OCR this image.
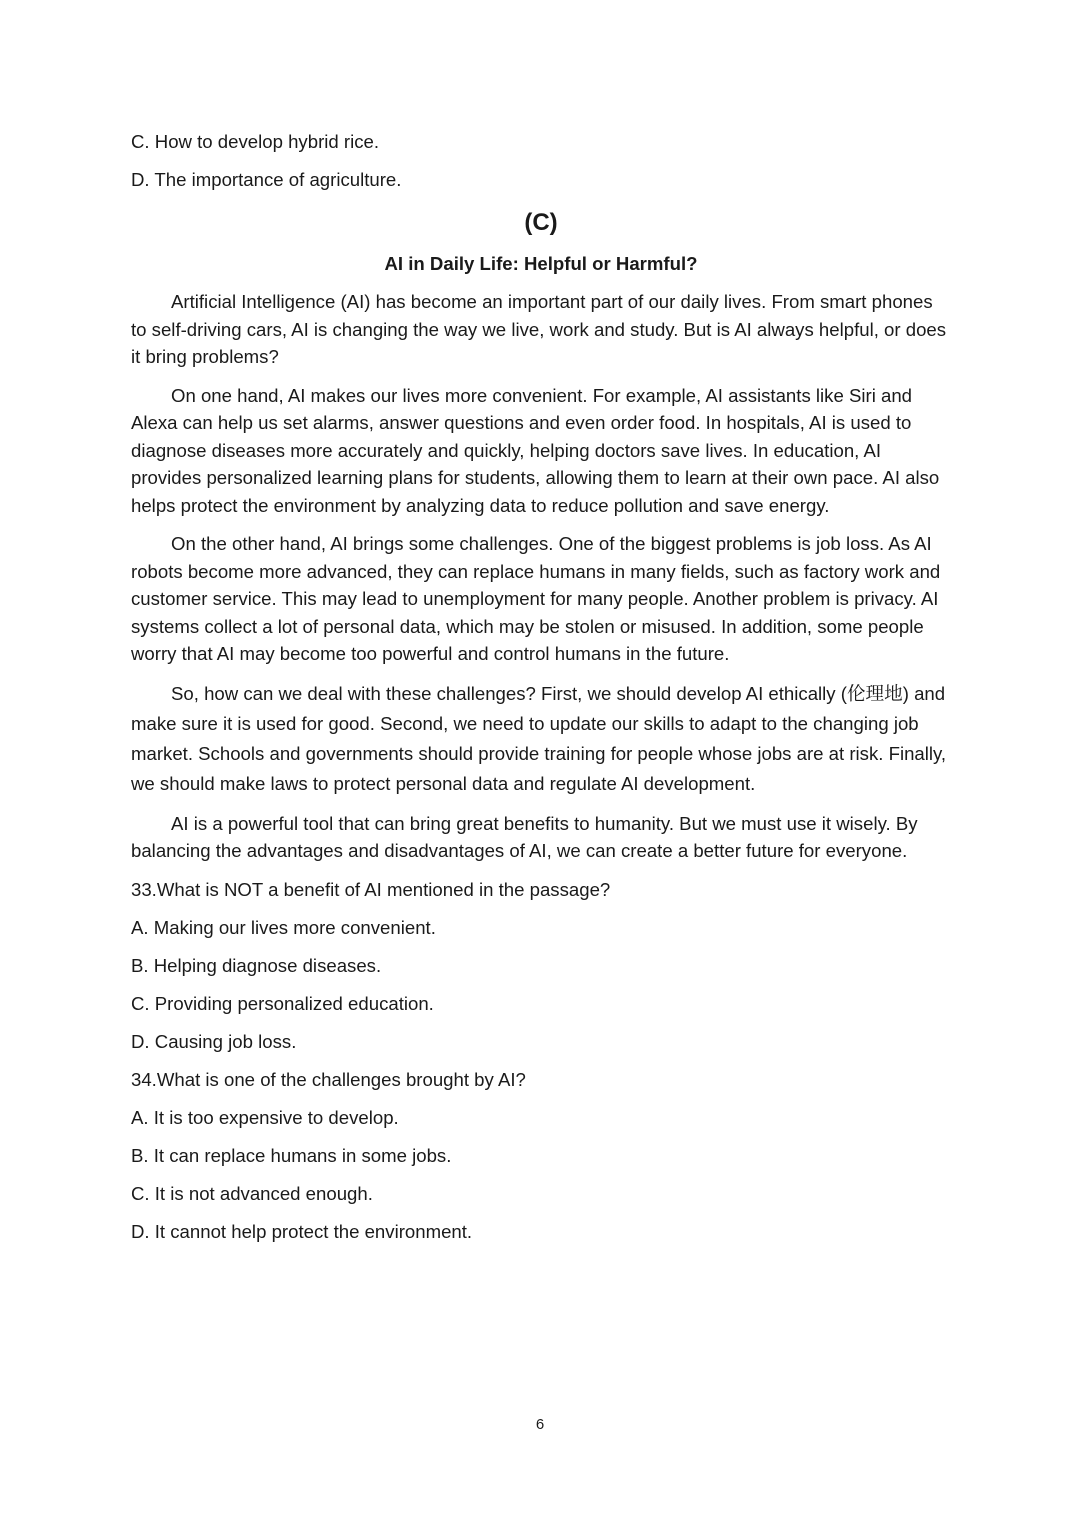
C. How to develop hybrid rice.

D. The importance of agriculture.

(C)
AI in Daily Life: Helpful or Harmful?

Artificial Intelligence (AI) has become an important part of our daily lives. From smart phones to self-driving cars, AI is changing the way we live, work and study. But is AI always helpful, or does it bring problems?

On one hand, AI makes our lives more convenient. For example, AI assistants like Siri and Alexa can help us set alarms, answer questions and even order food. In hospitals, AI is used to diagnose diseases more accurately and quickly, helping doctors save lives. In education, AI provides personalized learning plans for students, allowing them to learn at their own pace. AI also helps protect the environment by analyzing data to reduce pollution and save energy.

On the other hand, AI brings some challenges. One of the biggest problems is job loss. As AI robots become more advanced, they can replace humans in many fields, such as factory work and customer service. This may lead to unemployment for many people. Another problem is privacy. AI systems collect a lot of personal data, which may be stolen or misused. In addition, some people worry that AI may become too powerful and control humans in the future.

So, how can we deal with these challenges? First, we should develop AI ethically (伦理地) and make sure it is used for good. Second, we need to update our skills to adapt to the changing job market. Schools and governments should provide training for people whose jobs are at risk. Finally, we should make laws to protect personal data and regulate AI development.

AI is a powerful tool that can bring great benefits to humanity. But we must use it wisely. By balancing the advantages and disadvantages of AI, we can create a better future for everyone.

33.What is NOT a benefit of AI mentioned in the passage?

A. Making our lives more convenient.

B. Helping diagnose diseases.

C. Providing personalized education.

D. Causing job loss.

34.What is one of the challenges brought by AI?

A. It is too expensive to develop.

B. It can replace humans in some jobs.

C. It is not advanced enough.

D. It cannot help protect the environment.

6
